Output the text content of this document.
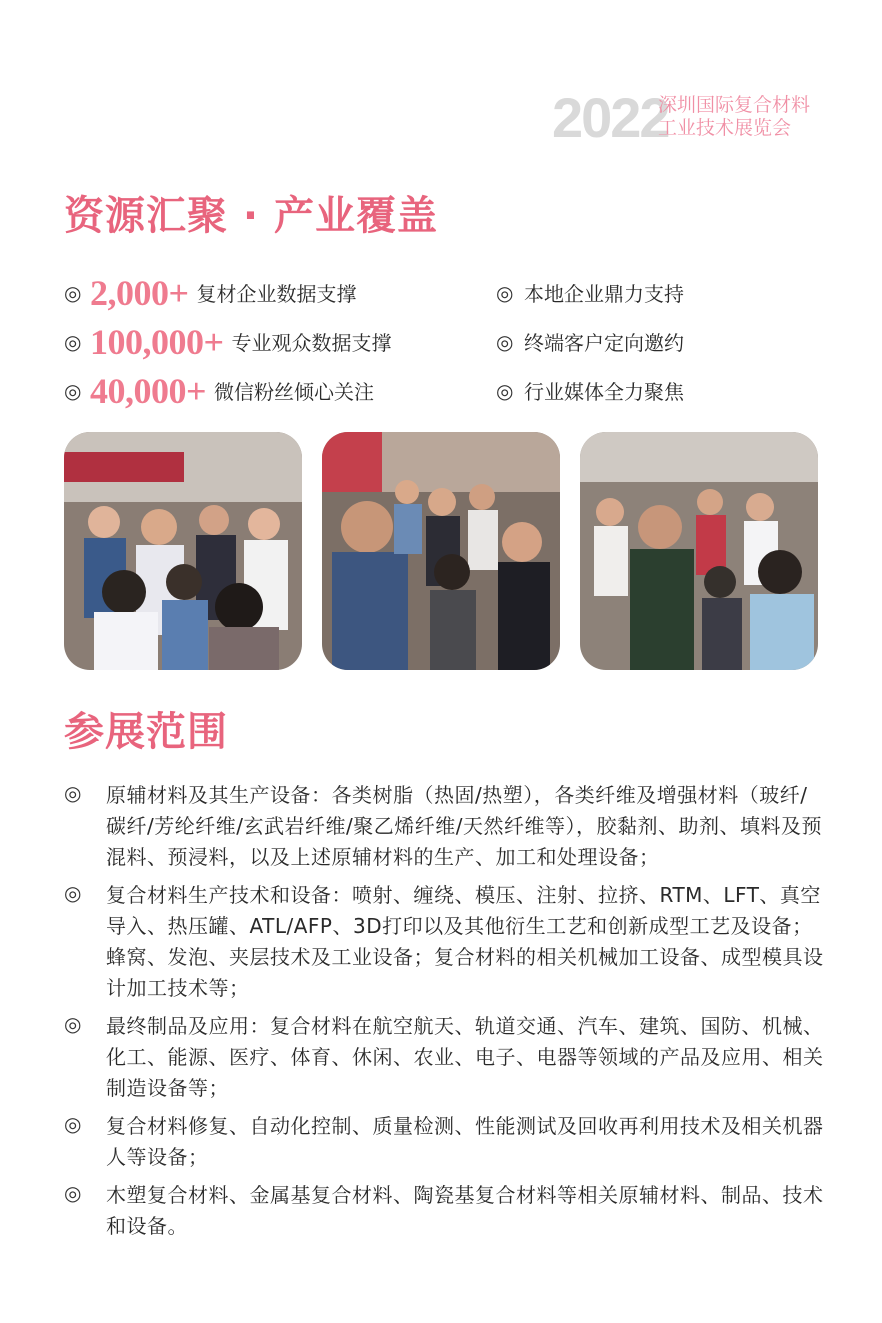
2022
深圳国际复合材料
工业技术展览会
资源汇聚 · 产业覆盖
◎ 2,000+ 复材企业数据支撑	◎ 本地企业鼎力支持
◎ 100,000+ 专业观众数据支撑	◎ 终端客户定向邀约
◎ 40,000+ 微信粉丝倾心关注	◎ 行业媒体全力聚焦
参展范围
◎ 原辅材料及其生产设备：各类树脂（热固/热塑），各类纤维及增强材料（玻纤/碳纤/芳纶纤维/玄武岩纤维/聚乙烯纤维/天然纤维等），胶黏剂、助剂、填料及预混料、预浸料，以及上述原辅材料的生产、加工和处理设备；
◎ 复合材料生产技术和设备：喷射、缠绕、模压、注射、拉挤、RTM、LFT、真空导入、热压罐、ATL/AFP、3D打印以及其他衍生工艺和创新成型工艺及设备；蜂窝、发泡、夹层技术及工业设备；复合材料的相关机械加工设备、成型模具设计加工技术等；
◎ 最终制品及应用：复合材料在航空航天、轨道交通、汽车、建筑、国防、机械、化工、能源、医疗、体育、休闲、农业、电子、电器等领域的产品及应用、相关制造设备等；
◎ 复合材料修复、自动化控制、质量检测、性能测试及回收再利用技术及相关机器人等设备；
◎ 木塑复合材料、金属基复合材料、陶瓷基复合材料等相关原辅材料、制品、技术和设备。
